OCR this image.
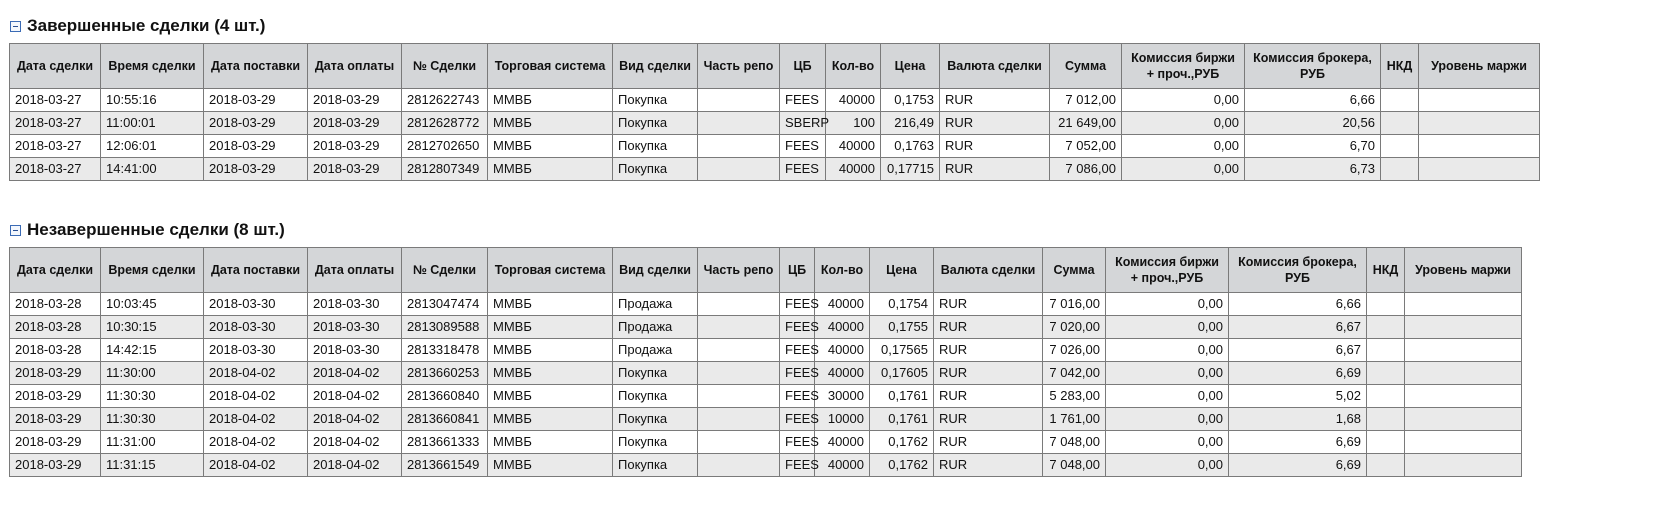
Завершенные сделки (4 шт.)
Дата сделки	Время сделки	Дата поставки	Дата оплаты	№ Сделки	Торговая система	Вид сделки	Часть репо	ЦБ	Кол-во	Цена	Валюта сделки	Сумма	Комиссия биржи + проч.,РУБ	Комиссия брокера, РУБ	НКД	Уровень маржи
2018-03-27	10:55:16	2018-03-29	2018-03-29	2812622743	ММВБ	Покупка		FEES	40000	0,1753	RUR	7 012,00	0,00	6,66		
2018-03-27	11:00:01	2018-03-29	2018-03-29	2812628772	ММВБ	Покупка		SBERP	100	216,49	RUR	21 649,00	0,00	20,56		
2018-03-27	12:06:01	2018-03-29	2018-03-29	2812702650	ММВБ	Покупка		FEES	40000	0,1763	RUR	7 052,00	0,00	6,70		
2018-03-27	14:41:00	2018-03-29	2018-03-29	2812807349	ММВБ	Покупка		FEES	40000	0,17715	RUR	7 086,00	0,00	6,73		
Незавершенные сделки (8 шт.)
Дата сделки	Время сделки	Дата поставки	Дата оплаты	№ Сделки	Торговая система	Вид сделки	Часть репо	ЦБ	Кол-во	Цена	Валюта сделки	Сумма	Комиссия биржи + проч.,РУБ	Комиссия брокера, РУБ	НКД	Уровень маржи
2018-03-28	10:03:45	2018-03-30	2018-03-30	2813047474	ММВБ	Продажа		FEES	40000	0,1754	RUR	7 016,00	0,00	6,66		
2018-03-28	10:30:15	2018-03-30	2018-03-30	2813089588	ММВБ	Продажа		FEES	40000	0,1755	RUR	7 020,00	0,00	6,67		
2018-03-28	14:42:15	2018-03-30	2018-03-30	2813318478	ММВБ	Продажа		FEES	40000	0,17565	RUR	7 026,00	0,00	6,67		
2018-03-29	11:30:00	2018-04-02	2018-04-02	2813660253	ММВБ	Покупка		FEES	40000	0,17605	RUR	7 042,00	0,00	6,69		
2018-03-29	11:30:30	2018-04-02	2018-04-02	2813660840	ММВБ	Покупка		FEES	30000	0,1761	RUR	5 283,00	0,00	5,02		
2018-03-29	11:30:30	2018-04-02	2018-04-02	2813660841	ММВБ	Покупка		FEES	10000	0,1761	RUR	1 761,00	0,00	1,68		
2018-03-29	11:31:00	2018-04-02	2018-04-02	2813661333	ММВБ	Покупка		FEES	40000	0,1762	RUR	7 048,00	0,00	6,69		
2018-03-29	11:31:15	2018-04-02	2018-04-02	2813661549	ММВБ	Покупка		FEES	40000	0,1762	RUR	7 048,00	0,00	6,69		
